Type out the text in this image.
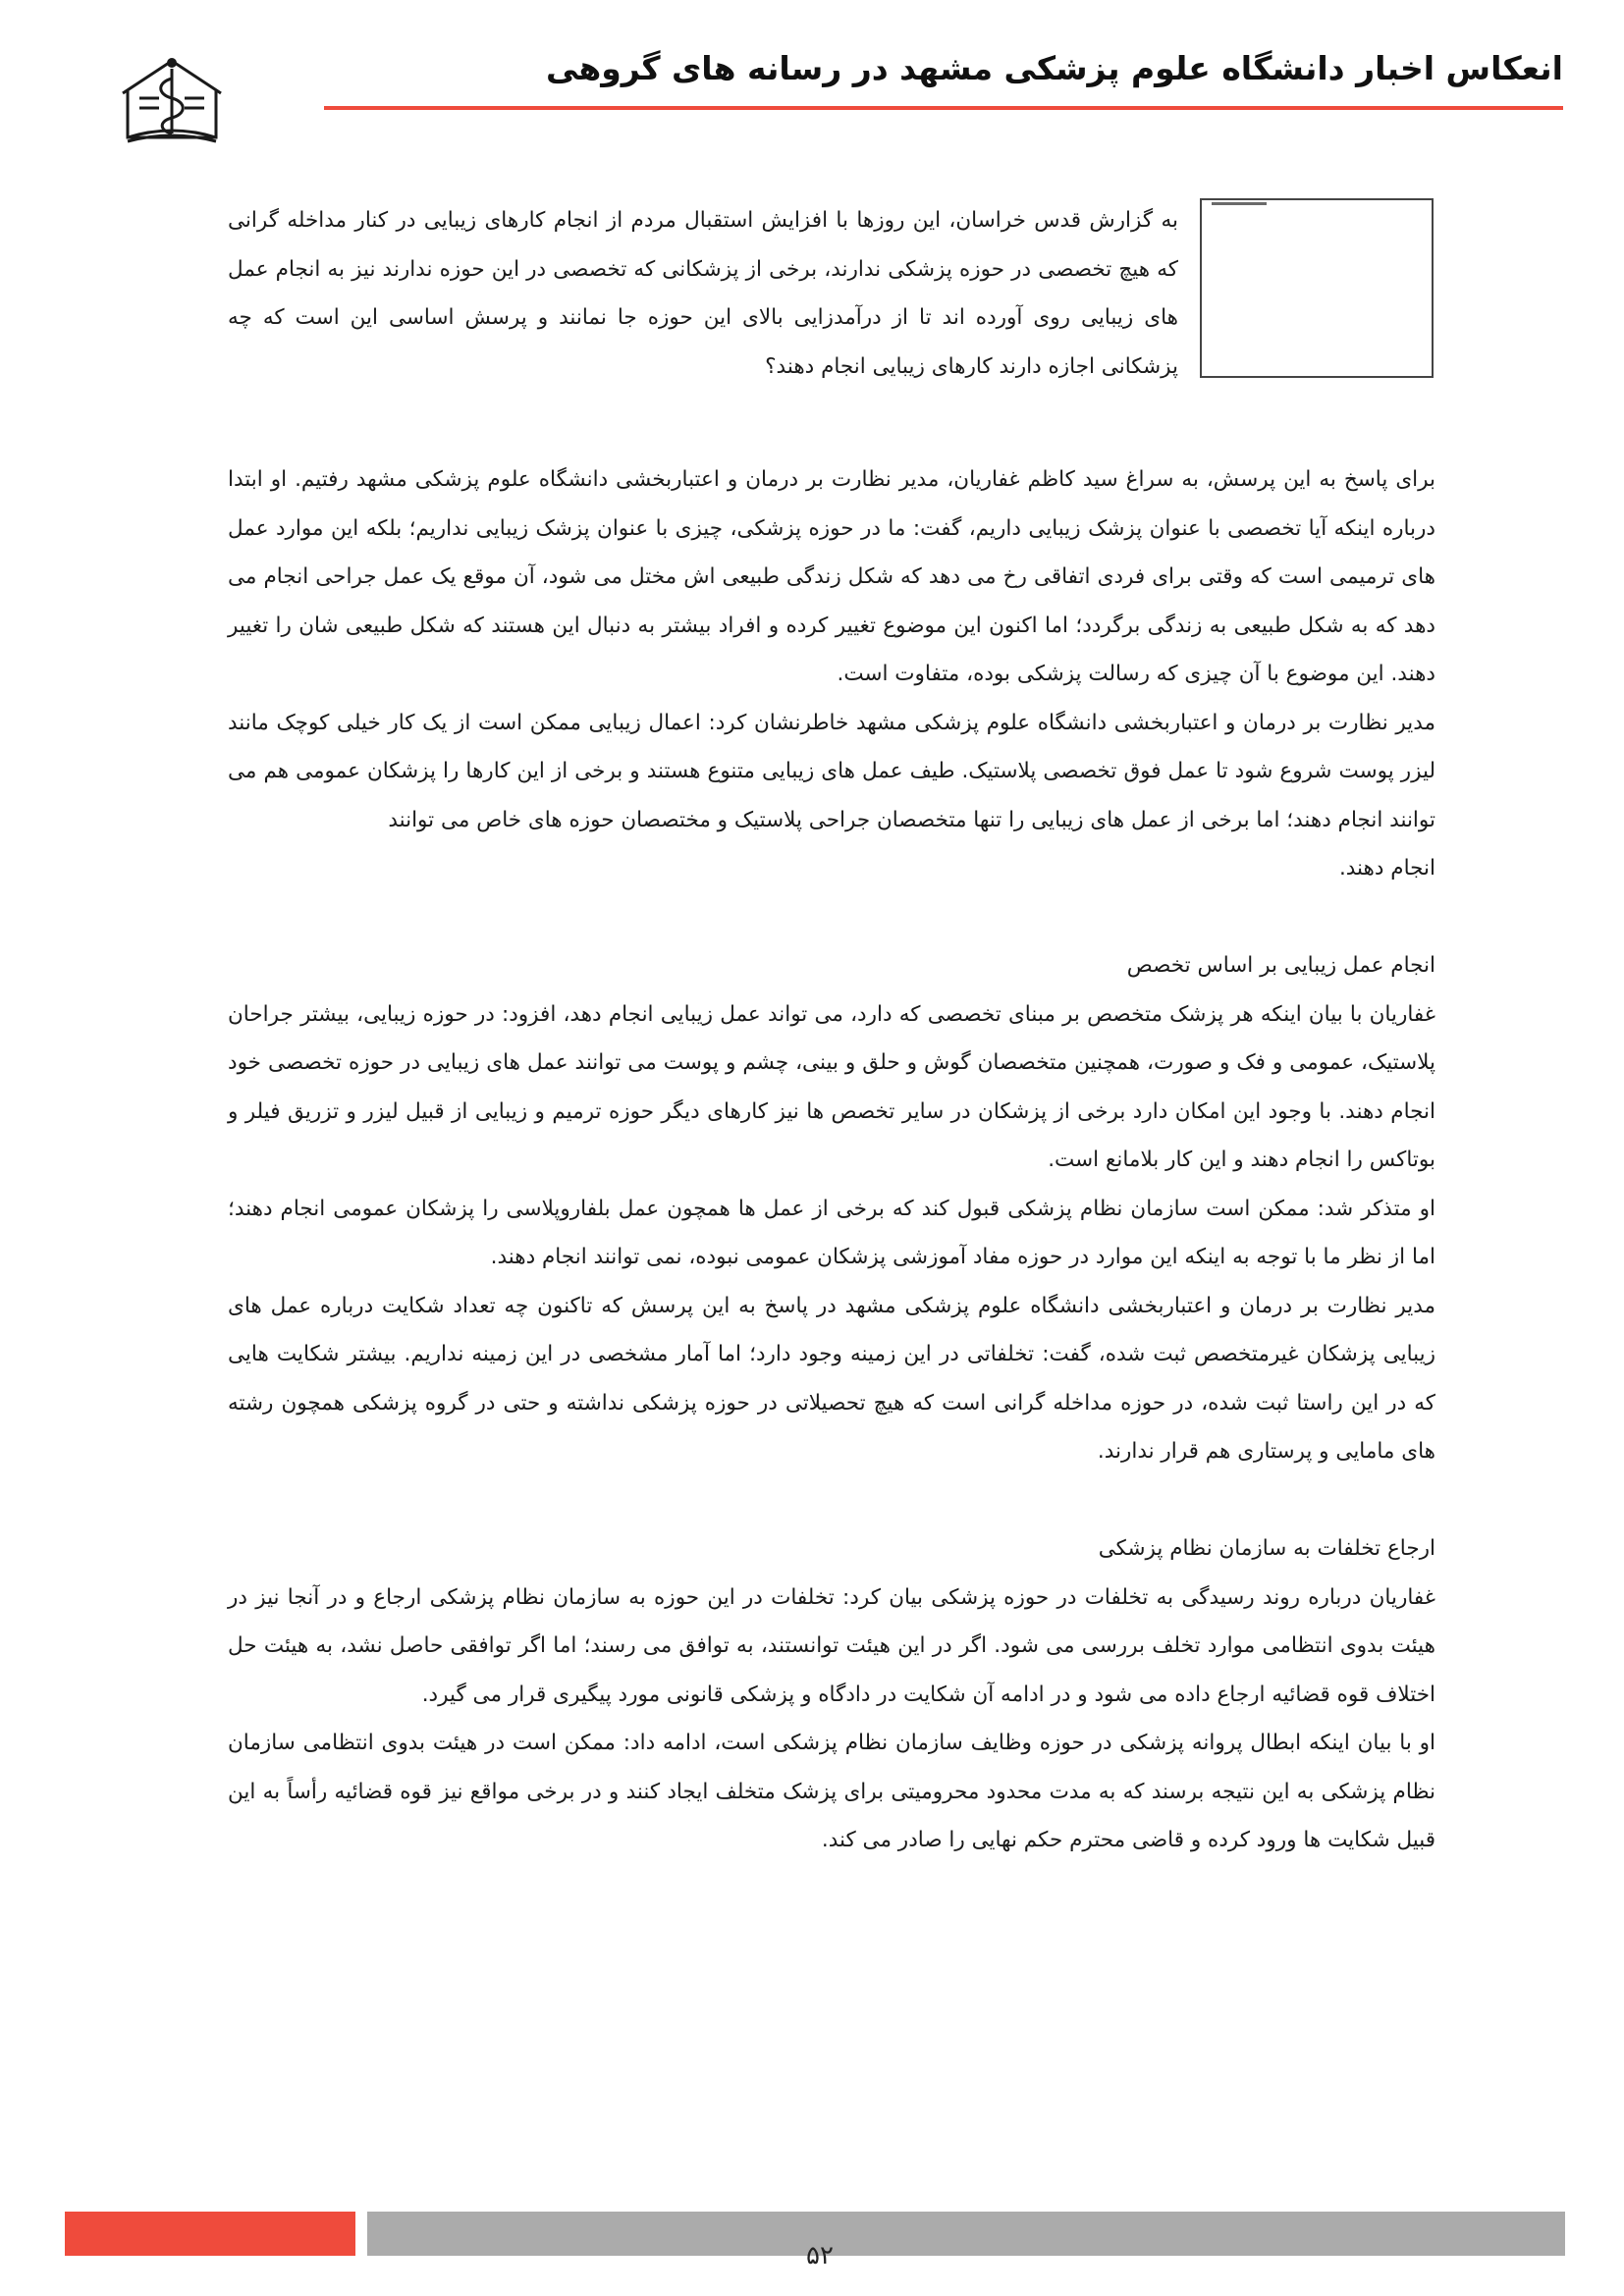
انعکاس اخبار دانشگاه علوم پزشکی مشهد در رسانه های گروهی

به گزارش قدس خراسان، این روزها با افزایش استقبال مردم از انجام کارهای زیبایی در کنار مداخله گرانی که هیچ تخصصی در حوزه پزشکی ندارند، برخی از پزشکانی که تخصصی در این حوزه ندارند نیز به انجام عمل های زیبایی روی آورده اند تا از درآمدزایی بالای این حوزه جا نمانند و پرسش اساسی این است که چه پزشکانی اجازه دارند کارهای زیبایی انجام دهند؟

برای پاسخ به این پرسش، به سراغ سید کاظم غفاریان، مدیر نظارت بر درمان و اعتباربخشی دانشگاه علوم پزشکی مشهد رفتیم. او ابتدا درباره اینکه آیا تخصصی با عنوان پزشک زیبایی داریم، گفت: ما در حوزه پزشکی، چیزی با عنوان پزشک زیبایی نداریم؛ بلکه این موارد عمل های ترمیمی است که وقتی برای فردی اتفاقی رخ می دهد که شکل زندگی طبیعی اش مختل می شود، آن موقع یک عمل جراحی انجام می دهد که به شکل طبیعی به زندگی برگردد؛ اما اکنون این موضوع تغییر کرده و افراد بیشتر به دنبال این هستند که شکل طبیعی شان را تغییر دهند. این موضوع با آن چیزی که رسالت پزشکی بوده، متفاوت است.

مدیر نظارت بر درمان و اعتباربخشی دانشگاه علوم پزشکی مشهد خاطرنشان کرد: اعمال زیبایی ممکن است از یک کار خیلی کوچک مانند لیزر پوست شروع شود تا عمل فوق تخصصی پلاستیک. طیف عمل های زیبایی متنوع هستند و برخی از این کارها را پزشکان عمومی هم می توانند انجام دهند؛ اما برخی از عمل های زیبایی را تنها متخصصان جراحی پلاستیک و مختصصان حوزه های خاص می توانند

انجام دهند.
انجام عمل زیبایی بر اساس تخصص

غفاریان با بیان اینکه هر پزشک متخصص بر مبنای تخصصی که دارد، می تواند عمل زیبایی انجام دهد، افزود: در حوزه زیبایی، بیشتر جراحان پلاستیک، عمومی و فک و صورت، همچنین متخصصان گوش و حلق و بینی، چشم و پوست می توانند عمل های زیبایی در حوزه تخصصی خود انجام دهند. با وجود این امکان دارد برخی از پزشکان در سایر تخصص ها نیز کارهای دیگر حوزه ترمیم و زیبایی از قبیل لیزر و تزریق فیلر و بوتاکس را انجام دهند و این کار بلامانع است.

او متذکر شد: ممکن است سازمان نظام پزشکی قبول کند که برخی از عمل ها همچون عمل بلفاروپلاسی را پزشکان عمومی انجام دهند؛ اما از نظر ما با توجه به اینکه این موارد در حوزه مفاد آموزشی پزشکان عمومی نبوده، نمی توانند انجام دهند.

مدیر نظارت بر درمان و اعتباربخشی دانشگاه علوم پزشکی مشهد در پاسخ به این پرسش که تاکنون چه تعداد شکایت درباره عمل های زیبایی پزشکان غیرمتخصص ثبت شده، گفت: تخلفاتی در این زمینه وجود دارد؛ اما آمار مشخصی در این زمینه نداریم. بیشتر شکایت هایی که در این راستا ثبت شده، در حوزه مداخله گرانی است که هیچ تحصیلاتی در حوزه پزشکی نداشته و حتی در گروه پزشکی همچون رشته های مامایی و پرستاری هم قرار ندارند.

ارجاع تخلفات به سازمان نظام پزشکی

غفاریان درباره روند رسیدگی به تخلفات در حوزه پزشکی بیان کرد: تخلفات در این حوزه به سازمان نظام پزشکی ارجاع و در آنجا نیز در هیئت بدوی انتظامی موارد تخلف بررسی می شود. اگر در این هیئت توانستند، به توافق می رسند؛ اما اگر توافقی حاصل نشد، به هیئت حل اختلاف قوه قضائیه ارجاع داده می شود و در ادامه آن شکایت در دادگاه و پزشکی قانونی مورد پیگیری قرار می گیرد.

او با بیان اینکه ابطال پروانه پزشکی در حوزه وظایف سازمان نظام پزشکی است، ادامه داد: ممکن است در هیئت بدوی انتظامی سازمان نظام پزشکی به این نتیجه برسند که به مدت محدود محرومیتی برای پزشک متخلف ایجاد کنند و در برخی مواقع نیز قوه قضائیه رأساً به این قبیل شکایت ها ورود کرده و قاضی محترم حکم نهایی را صادر می کند.

۵۲
